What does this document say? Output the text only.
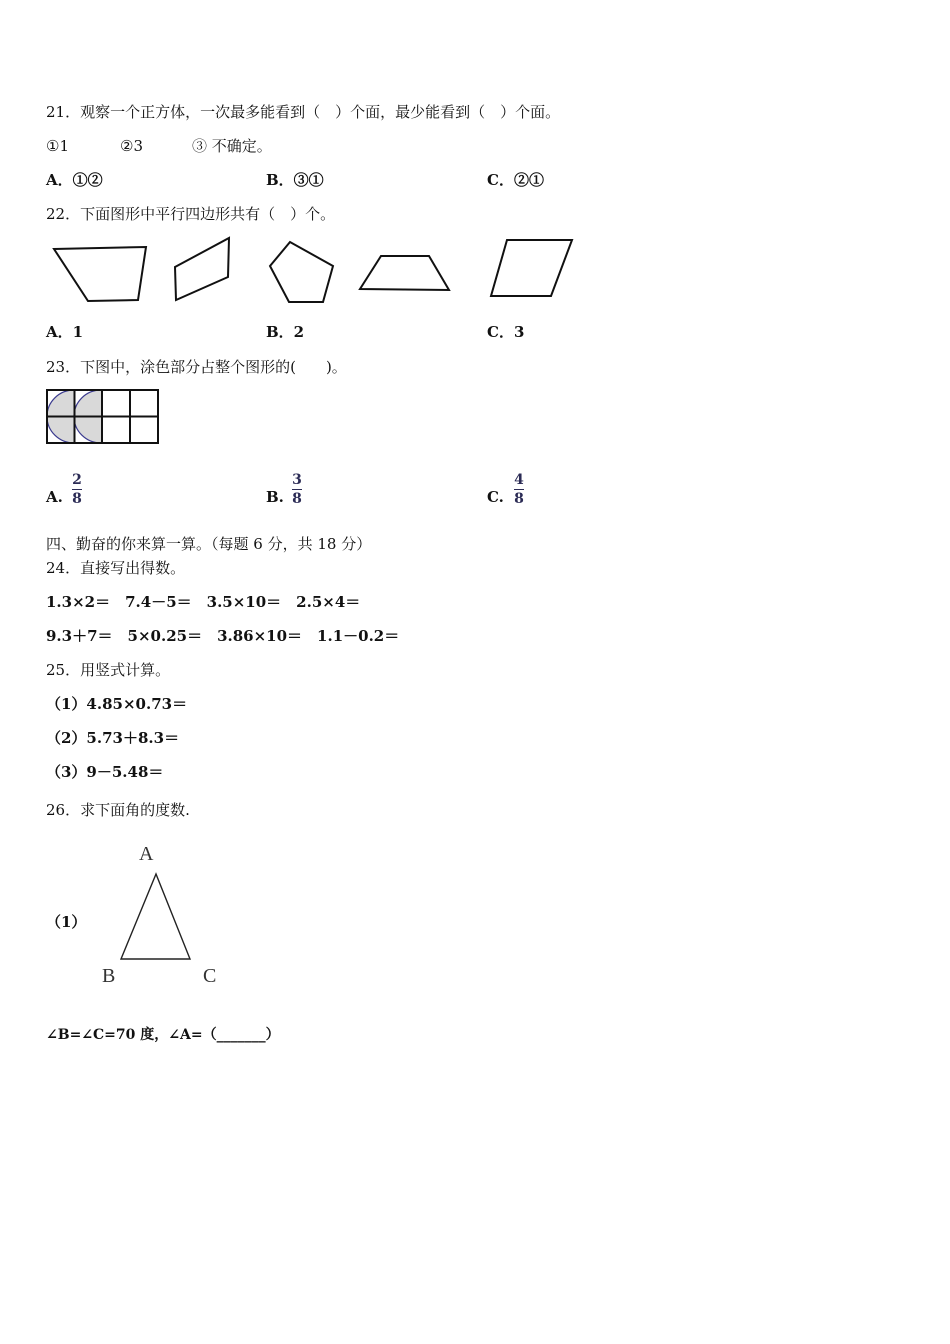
21．观察一个正方体，一次最多能看到（　）个面，最少能看到（　）个面。
①1	②3	③ 不确定。
A．①②	B．③①	C．②①
22．下面图形中平行四边形共有（　）个。
A．1	B．2	C．3
23．下图中，涂色部分占整个图形的(　　)。
A.
2
8	B.
3
8	C.
4
8
四、勤奋的你来算一算。（每题 6 分，共 18 分）
24．直接写出得数。
1.3×2＝　7.4－5＝　3.5×10＝　2.5×4＝
9.3＋7＝　5×0.25＝　3.86×10＝　1.1－0.2＝
25．用竖式计算。
（1）4.85×0.73＝
（2）5.73＋8.3＝
（3）9－5.48＝
26．求下面角的度数.
（1）
A
B	C
∠B=∠C=70 度，∠A=（_______）
